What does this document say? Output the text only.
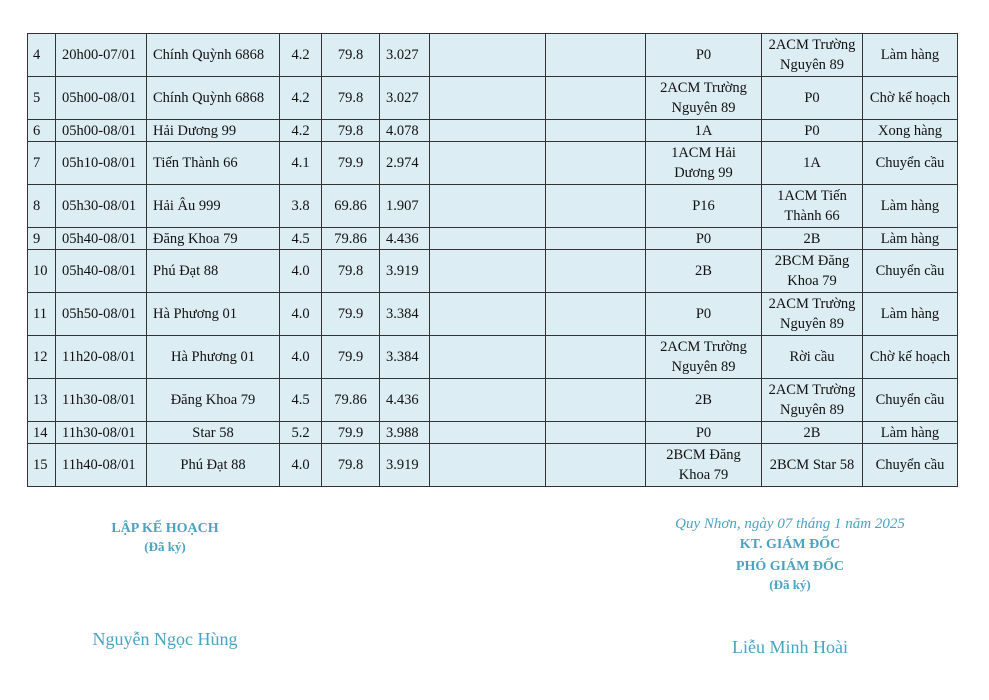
4	20h00-07/01	Chính Quỳnh 6868	4.2	79.8	3.027			P0	2ACM Trường Nguyên 89	Làm hàng
5	05h00-08/01	Chính Quỳnh 6868	4.2	79.8	3.027			2ACM Trường Nguyên 89	P0	Chờ kế hoạch
6	05h00-08/01	Hải Dương 99	4.2	79.8	4.078			1A	P0	Xong hàng
7	05h10-08/01	Tiến Thành 66	4.1	79.9	2.974			1ACM Hải Dương 99	1A	Chuyển cầu
8	05h30-08/01	Hải Âu 999	3.8	69.86	1.907			P16	1ACM Tiến Thành 66	Làm hàng
9	05h40-08/01	Đăng Khoa 79	4.5	79.86	4.436			P0	2B	Làm hàng
10	05h40-08/01	Phú Đạt 88	4.0	79.8	3.919			2B	2BCM Đăng Khoa 79	Chuyển cầu
11	05h50-08/01	Hà Phương 01	4.0	79.9	3.384			P0	2ACM Trường Nguyên 89	Làm hàng
12	11h20-08/01	Hà Phương 01	4.0	79.9	3.384			2ACM Trường Nguyên 89	Rời cầu	Chờ kế hoạch
13	11h30-08/01	Đăng Khoa 79	4.5	79.86	4.436			2B	2ACM Trường Nguyên 89	Chuyển cầu
14	11h30-08/01	Star 58	5.2	79.9	3.988			P0	2B	Làm hàng
15	11h40-08/01	Phú Đạt 88	4.0	79.8	3.919			2BCM Đăng Khoa 79	2BCM Star 58	Chuyển cầu
LẬP KẾ HOẠCH
(Đã ký)
Nguyễn Ngọc Hùng
Quy Nhơn, ngày 07 tháng 1 năm 2025
KT. GIÁM ĐỐC
PHÓ GIÁM ĐỐC
(Đã ký)
Liễu Minh Hoài
